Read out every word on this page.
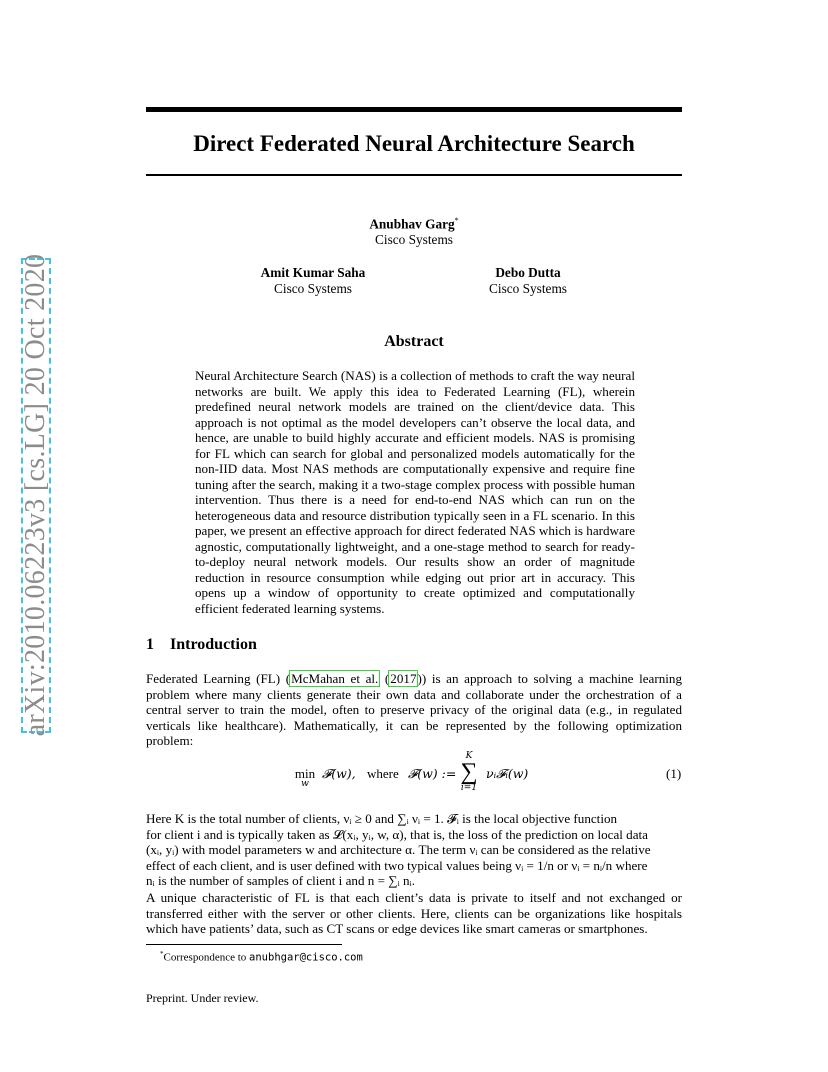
arXiv:2010.06223v3 [cs.LG] 20 Oct 2020
Direct Federated Neural Architecture Search
Anubhav Garg*
Cisco Systems
Amit Kumar Saha
Cisco Systems
Debo Dutta
Cisco Systems
Abstract
Neural Architecture Search (NAS) is a collection of methods to craft the way neural networks are built. We apply this idea to Federated Learning (FL), wherein predefined neural network models are trained on the client/device data. This approach is not optimal as the model developers can’t observe the local data, and hence, are unable to build highly accurate and efficient models. NAS is promising for FL which can search for global and personalized models automatically for the non-IID data. Most NAS methods are computationally expensive and require fine tuning after the search, making it a two-stage complex process with possible human intervention. Thus there is a need for end-to-end NAS which can run on the heterogeneous data and resource distribution typically seen in a FL scenario. In this paper, we present an effective approach for direct federated NAS which is hardware agnostic, computationally lightweight, and a one-stage method to search for ready-to-deploy neural network models. Our results show an order of magnitude reduction in resource consumption while edging out prior art in accuracy. This opens up a window of opportunity to create optimized and computationally efficient federated learning systems.
1 Introduction
Federated Learning (FL) (McMahan et al. (2017)) is an approach to solving a machine learning problem where many clients generate their own data and collaborate under the orchestration of a central server to train the model, often to preserve privacy of the original data (e.g., in regulated verticals like healthcare). Mathematically, it can be represented by the following optimization problem:
min
w
𝓕(w), where 𝓕(w) :=
K
∑
i=1
νᵢ𝓕ᵢ(w)	(1)
Here K is the total number of clients, νᵢ ≥ 0 and ∑ᵢ νᵢ = 1. 𝓕ᵢ is the local objective function
for client i and is typically taken as 𝓛(xᵢ, yᵢ, w, α), that is, the loss of the prediction on local data
(xᵢ, yᵢ) with model parameters w and architecture α. The term νᵢ can be considered as the relative
effect of each client, and is user defined with two typical values being νᵢ = 1/n or νᵢ = nᵢ/n where
nᵢ is the number of samples of client i and n = ∑ᵢ nᵢ.
A unique characteristic of FL is that each client’s data is private to itself and not exchanged or transferred either with the server or other clients. Here, clients can be organizations like hospitals which have patients’ data, such as CT scans or edge devices like smart cameras or smartphones.
*Correspondence to anubhgar@cisco.com
Preprint. Under review.
